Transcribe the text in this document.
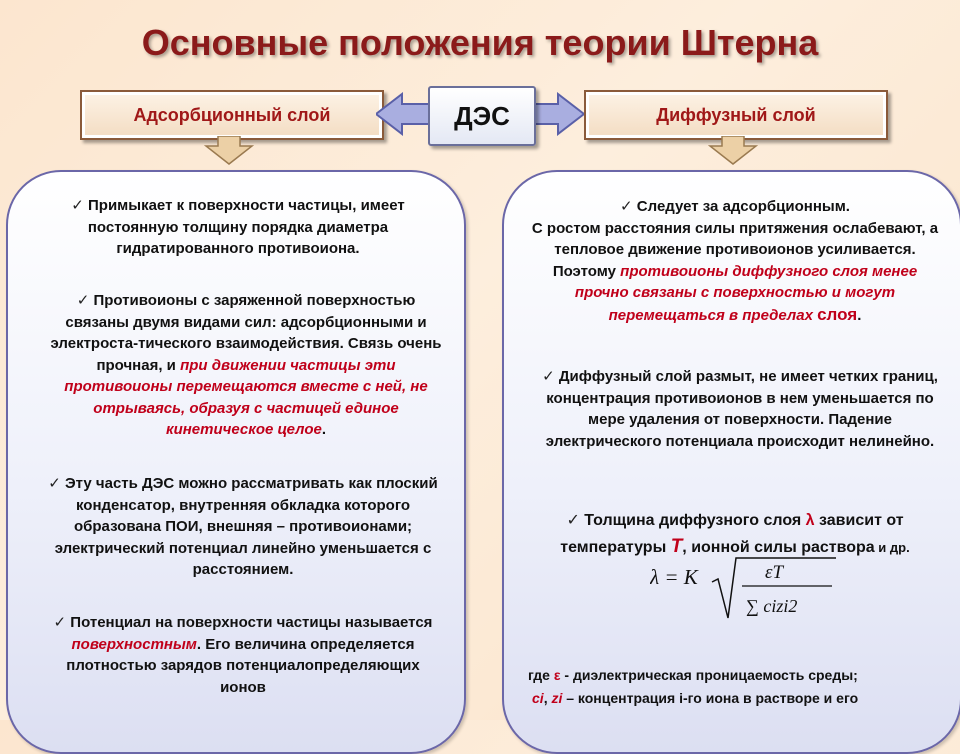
Основные положения теории Штерна
Адсорбционный слой	Диффузный слой
ДЭС
✓ Примыкает к поверхности частицы, имеет постоянную толщину порядка диаметра гидратированного противоиона.
✓ Противоионы с заряженной поверхностью связаны двумя видами сил: адсорбционными и электроста-тического взаимодействия. Связь очень прочная, и при движении частицы эти противоионы перемещаются вместе с ней, не отрываясь, образуя с частицей единое кинетическое целое.
✓ Эту часть ДЭС можно рассматривать как плоский конденсатор, внутренняя обкладка которого образована ПОИ, внешняя – противоионами; электрический потенциал линейно уменьшается с расстоянием.
✓ Потенциал на поверхности частицы называется поверхностным. Его величина определяется плотностью зарядов потенциалопределяющих ионов
✓ Следует за адсорбционным.
С ростом расстояния силы притяжения ослабевают, а тепловое движение противоионов усиливается. Поэтому противоионы диффузного слоя менее прочно связаны с поверхностью и могут перемещаться в пределах слоя.
✓ Диффузный слой размыт, не имеет четких границ, концентрация противоионов в нем уменьшается по мере удаления от поверхности. Падение электрического потенциала происходит нелинейно.
✓ Толщина диффузного слоя λ зависит от температуры T, ионной силы раствора и др.
λ = K	εT
∑ cizi2
где ε - диэлектрическая проницаемость среды;
ci, zi – концентрация i-го иона в растворе и его
